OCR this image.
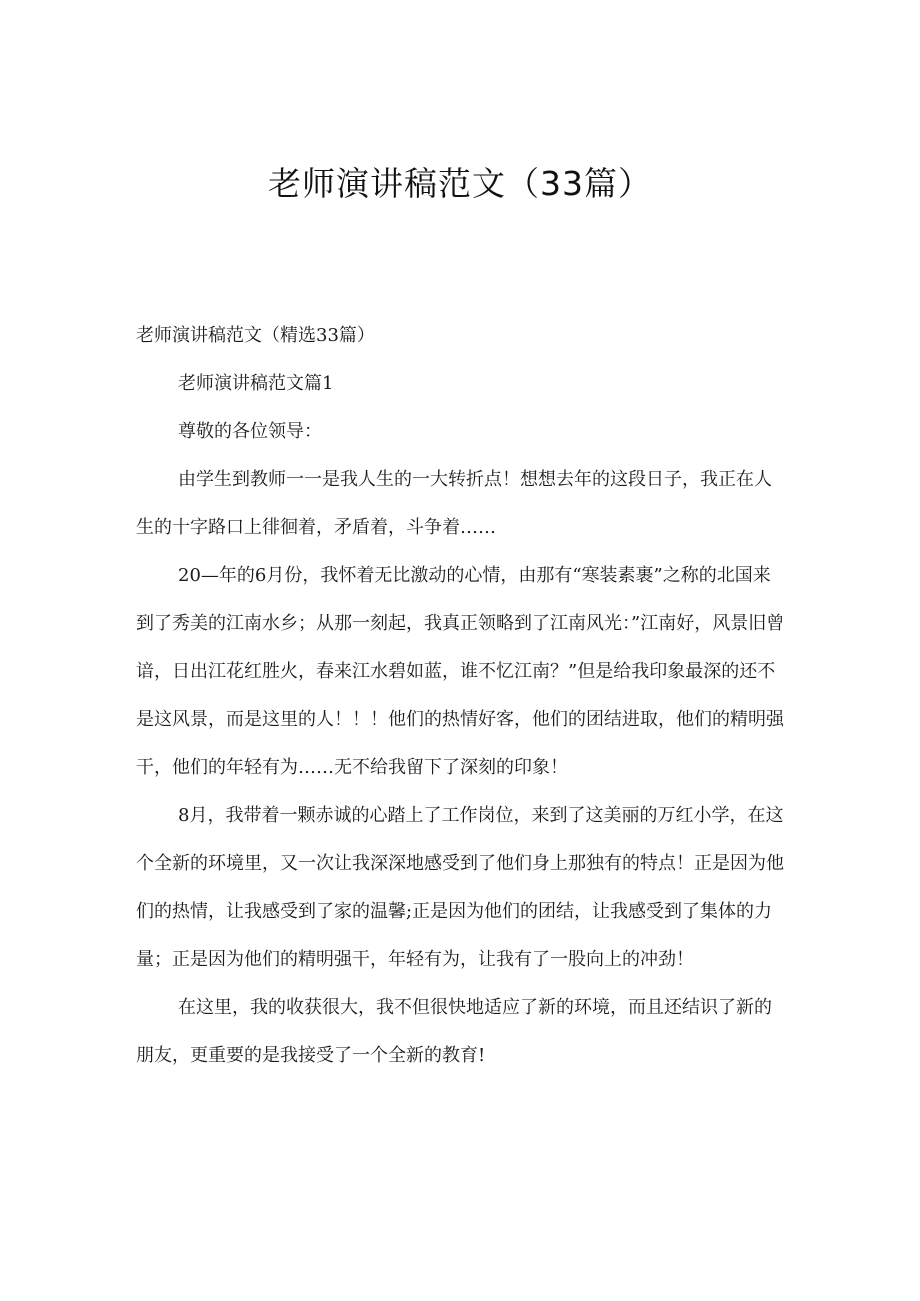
老师演讲稿范文（33篇）

老师演讲稿范文（精选33篇）

老师演讲稿范文篇1

尊敬的各位领导：

由学生到教师一一是我人生的一大转折点！想想去年的这段日子，我正在人生的十字路口上徘徊着，矛盾着，斗争着……

20—年的6月份，我怀着无比激动的心情，由那有“寒装素裹”之称的北国来到了秀美的江南水乡；从那一刻起，我真正领略到了江南风光：”江南好，风景旧曾谙，日出江花红胜火，春来江水碧如蓝，谁不忆江南？”但是给我印象最深的还不是这风景，而是这里的人！！！他们的热情好客，他们的团结进取，他们的精明强干，他们的年轻有为……无不给我留下了深刻的印象！

8月，我带着一颗赤诚的心踏上了工作岗位，来到了这美丽的万红小学，在这个全新的环境里，又一次让我深深地感受到了他们身上那独有的特点！正是因为他们的热情，让我感受到了家的温馨;正是因为他们的团结，让我感受到了集体的力量；正是因为他们的精明强干，年轻有为，让我有了一股向上的冲劲！

在这里，我的收获很大，我不但很快地适应了新的环境，而且还结识了新的朋友，更重要的是我接受了一个全新的教育!
